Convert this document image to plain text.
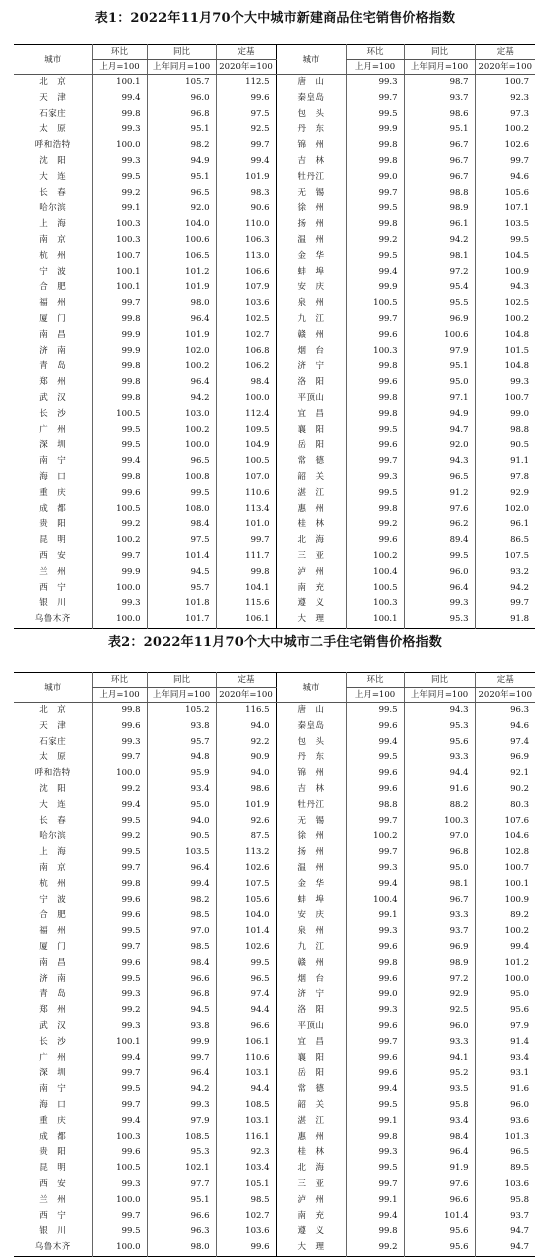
表1：2022年11月70个大中城市新建商品住宅销售价格指数
城市	环比	同比	定基	城市	环比	同比	定基
	上月=100	上年同月=100	2020年=100		上月=100	上年同月=100	2020年=100
北　京	100.1	105.7	112.5	唐　山	99.3	98.7	100.7
天　津	99.4	96.0	99.6	秦皇岛	99.7	93.7	92.3
石家庄	99.8	96.8	97.5	包　头	99.5	98.6	97.3
太　原	99.3	95.1	92.5	丹　东	99.9	95.1	100.2
呼和浩特	100.0	98.2	99.7	锦　州	99.8	96.7	102.6
沈　阳	99.3	94.9	99.4	吉　林	99.8	96.7	99.7
大　连	99.5	95.1	101.9	牡丹江	99.0	96.7	94.6
长　春	99.2	96.5	98.3	无　锡	99.7	98.8	105.6
哈尔滨	99.1	92.0	90.6	徐　州	99.5	98.9	107.1
上　海	100.3	104.0	110.0	扬　州	99.8	96.1	103.5
南　京	100.3	100.6	106.3	温　州	99.2	94.2	99.5
杭　州	100.7	106.5	113.0	金　华	99.5	98.1	104.5
宁　波	100.1	101.2	106.6	蚌　埠	99.4	97.2	100.9
合　肥	100.1	101.9	107.9	安　庆	99.9	95.4	94.3
福　州	99.7	98.0	103.6	泉　州	100.5	95.5	102.5
厦　门	99.8	96.4	102.5	九　江	99.7	96.9	100.2
南　昌	99.9	101.9	102.7	赣　州	99.6	100.6	104.8
济　南	99.9	102.0	106.8	烟　台	100.3	97.9	101.5
青　岛	99.8	100.2	106.2	济　宁	99.8	95.1	104.8
郑　州	99.8	96.4	98.4	洛　阳	99.6	95.0	99.3
武　汉	99.8	94.2	100.0	平顶山	99.8	97.1	100.7
长　沙	100.5	103.0	112.4	宜　昌	99.8	94.9	99.0
广　州	99.5	100.2	109.5	襄　阳	99.5	94.7	98.8
深　圳	99.5	100.0	104.9	岳　阳	99.6	92.0	90.5
南　宁	99.4	96.5	100.5	常　德	99.7	94.3	91.1
海　口	99.8	100.8	107.0	韶　关	99.3	96.5	97.8
重　庆	99.6	99.5	110.6	湛　江	99.5	91.2	92.9
成　都	100.5	108.0	113.4	惠　州	99.8	97.6	102.0
贵　阳	99.2	98.4	101.0	桂　林	99.2	96.2	96.1
昆　明	100.2	97.5	99.7	北　海	99.6	89.4	86.5
西　安	99.7	101.4	111.7	三　亚	100.2	99.5	107.5
兰　州	99.9	94.5	99.8	泸　州	100.4	96.0	93.2
西　宁	100.0	95.7	104.1	南　充	100.5	96.4	94.2
银　川	99.3	101.8	115.6	遵　义	100.3	99.3	99.7
乌鲁木齐	100.0	101.7	106.1	大　理	100.1	95.3	91.8
表2：2022年11月70个大中城市二手住宅销售价格指数
城市	环比	同比	定基	城市	环比	同比	定基
	上月=100	上年同月=100	2020年=100		上月=100	上年同月=100	2020年=100
北　京	99.8	105.2	116.5	唐　山	99.5	94.3	96.3
天　津	99.6	93.8	94.0	秦皇岛	99.6	95.3	94.6
石家庄	99.3	95.7	92.2	包　头	99.4	95.6	97.4
太　原	99.7	94.8	90.9	丹　东	99.5	93.3	96.9
呼和浩特	100.0	95.9	94.0	锦　州	99.6	94.4	92.1
沈　阳	99.2	93.4	98.6	吉　林	99.6	91.6	90.2
大　连	99.4	95.0	101.9	牡丹江	98.8	88.2	80.3
长　春	99.5	94.0	92.6	无　锡	99.7	100.3	107.6
哈尔滨	99.2	90.5	87.5	徐　州	100.2	97.0	104.6
上　海	99.5	103.5	113.2	扬　州	99.7	96.8	102.8
南　京	99.7	96.4	102.6	温　州	99.3	95.0	100.7
杭　州	99.8	99.4	107.5	金　华	99.4	98.1	100.1
宁　波	99.6	98.2	105.6	蚌　埠	100.4	96.7	100.9
合　肥	99.6	98.5	104.0	安　庆	99.1	93.3	89.2
福　州	99.5	97.0	101.4	泉　州	99.3	93.7	100.2
厦　门	99.7	98.5	102.6	九　江	99.6	96.9	99.4
南　昌	99.6	98.4	99.5	赣　州	99.8	98.9	101.2
济　南	99.5	96.6	96.5	烟　台	99.6	97.2	100.0
青　岛	99.3	96.8	97.4	济　宁	99.0	92.9	95.0
郑　州	99.2	94.5	94.4	洛　阳	99.3	92.5	95.6
武　汉	99.3	93.8	96.6	平顶山	99.6	96.0	97.9
长　沙	100.1	99.9	106.1	宜　昌	99.7	93.3	91.4
广　州	99.4	99.7	110.6	襄　阳	99.6	94.1	93.4
深　圳	99.7	96.4	103.1	岳　阳	99.6	95.2	93.1
南　宁	99.5	94.2	94.4	常　德	99.4	93.5	91.6
海　口	99.7	99.3	108.5	韶　关	99.5	95.8	96.0
重　庆	99.4	97.9	103.1	湛　江	99.1	93.4	93.6
成　都	100.3	108.5	116.1	惠　州	99.8	98.4	101.3
贵　阳	99.6	95.3	92.3	桂　林	99.3	96.4	96.5
昆　明	100.5	102.1	103.4	北　海	99.5	91.9	89.5
西　安	99.3	97.7	105.1	三　亚	99.7	97.6	103.6
兰　州	100.0	95.1	98.5	泸　州	99.1	96.6	95.8
西　宁	99.7	96.6	102.7	南　充	99.4	101.4	93.7
银　川	99.5	96.3	103.6	遵　义	99.8	95.6	94.7
乌鲁木齐	100.0	98.0	99.6	大　理	99.2	95.6	94.7
